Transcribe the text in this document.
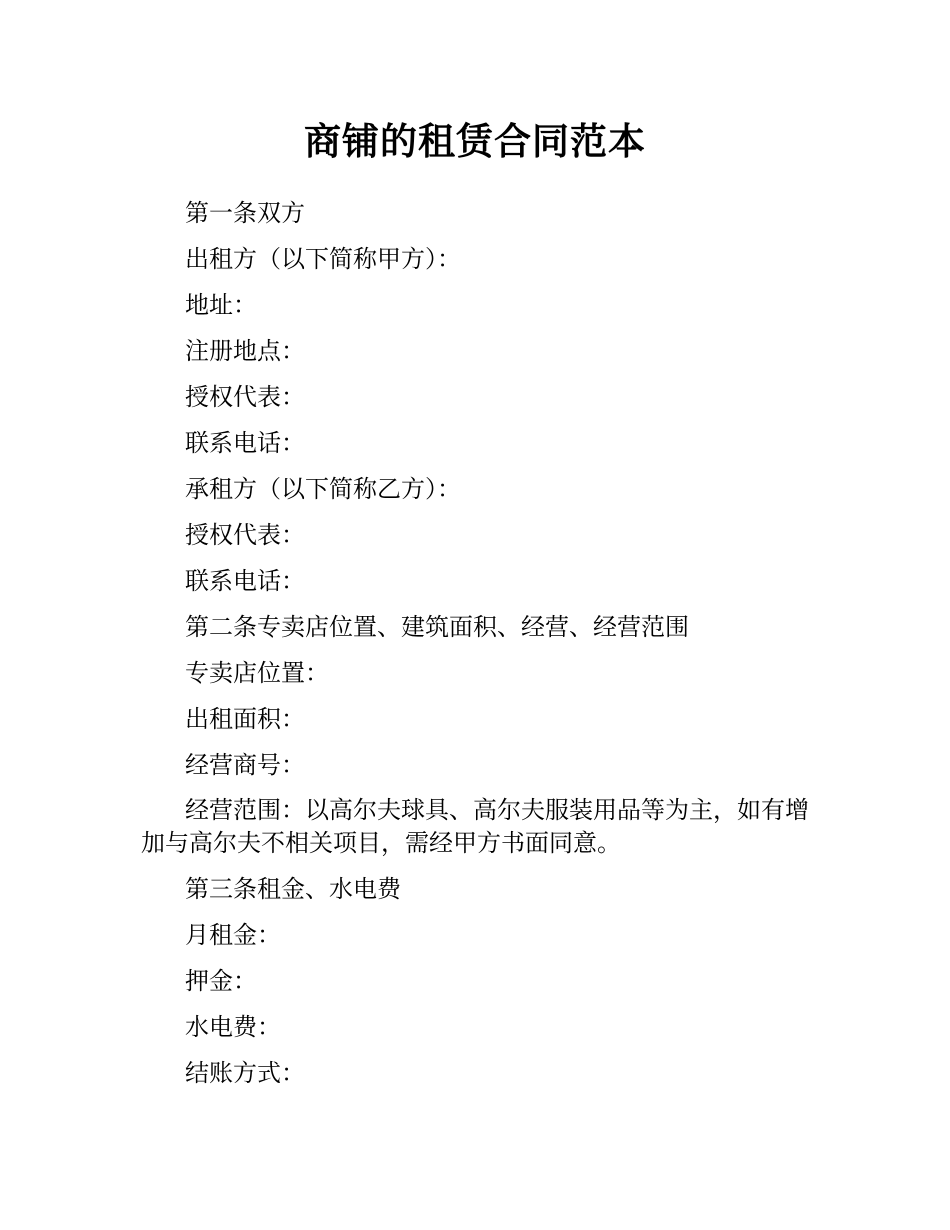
商铺的租赁合同范本

第一条双方

出租方（以下简称甲方）：

地址：

注册地点：

授权代表：

联系电话：

承租方（以下简称乙方）：

授权代表：

联系电话：

第二条专卖店位置、建筑面积、经营、经营范围

专卖店位置：

出租面积：

经营商号：

经营范围：以高尔夫球具、高尔夫服装用品等为主，如有增加与高尔夫不相关项目，需经甲方书面同意。

第三条租金、水电费

月租金：

押金：

水电费：

结账方式：
